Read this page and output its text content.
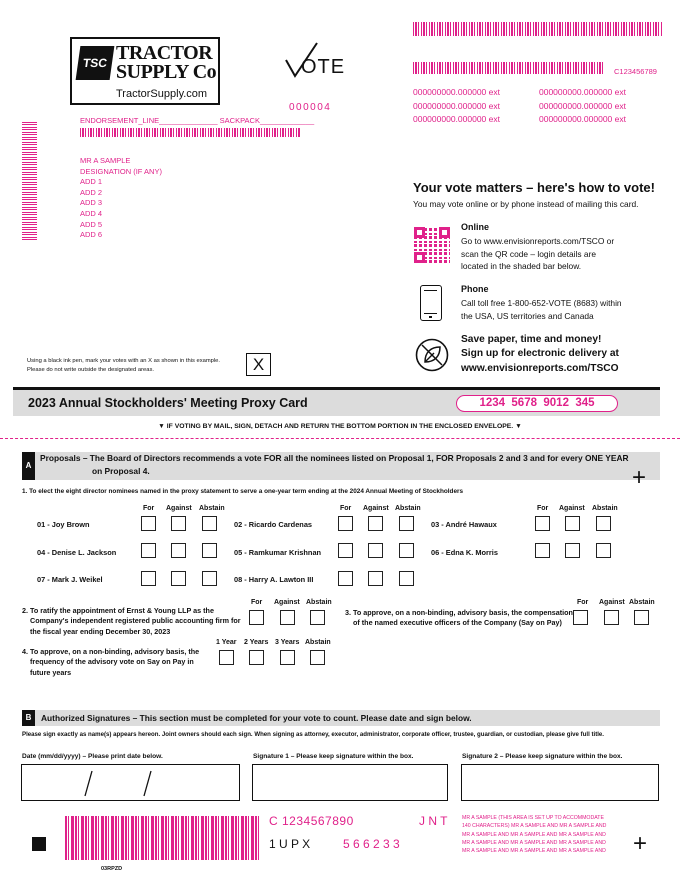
TSC TRACTOR
SUPPLY Co
TractorSupply.com
OTE
000004
ENDORSEMENT_LINE______________ SACKPACK_____________
MR A SAMPLE
DESIGNATION (IF ANY)
ADD 1
ADD 2
ADD 3
ADD 4
ADD 5
ADD 6
C123456789
000000000.000000 ext	000000000.000000 ext
000000000.000000 ext	000000000.000000 ext
000000000.000000 ext	000000000.000000 ext
Your vote matters – here's how to vote!
You may vote online or by phone instead of mailing this card.
Online
Go to www.envisionreports.com/TSCO or
scan the QR code – login details are
located in the shaded bar below.
Phone
Call toll free 1-800-652-VOTE (8683) within
the USA, US territories and Canada
Save paper, time and money!
Sign up for electronic delivery at
www.envisionreports.com/TSCO
Using a black ink pen, mark your votes with an X as shown in this example.
Please do not write outside the designated areas.	X
2023 Annual Stockholders' Meeting Proxy Card	1234  5678  9012  345
▼ IF VOTING BY MAIL, SIGN, DETACH AND RETURN THE BOTTOM PORTION IN THE ENCLOSED ENVELOPE. ▼
A
Proposals – The Board of Directors recommends a vote FOR all the nominees listed on Proposal 1, FOR Proposals 2 and 3 and for every ONE YEAR
on Proposal 4.	+
1. To elect the eight director nominees named in the proxy statement to serve a one-year term ending at the 2024 Annual Meeting of Stockholders
For Against Abstain	For Against Abstain	For Against Abstain
01 - Joy Brown	02 - Ricardo Cardenas	03 - André Hawaux
04 - Denise L. Jackson	05 - Ramkumar Krishnan	06 - Edna K. Morris
07 - Mark J. Weikel	08 - Harry A. Lawton III
2. To ratify the appointment of Ernst & Young LLP as the
Company's independent registered public accounting firm for
the fiscal year ending December 30, 2023
For Against Abstain
3. To approve, on a non-binding, advisory basis, the compensation
of the named executive officers of the Company (Say on Pay)
For Against Abstain
4. To approve, on a non-binding, advisory basis, the
frequency of the advisory vote on Say on Pay in
future years
1 Year 2 Years 3 Years Abstain
B	Authorized Signatures – This section must be completed for your vote to count. Please date and sign below.
Please sign exactly as name(s) appears hereon. Joint owners should each sign. When signing as attorney, executor, administrator, corporate officer, trustee, guardian, or custodian, please give full title.
Date (mm/dd/yyyy) – Please print date below.	Signature 1 – Please keep signature within the box.	Signature 2 – Please keep signature within the box.
C 1234567890	J N T
1 U P X	5 6 6 2 3 3
MR A SAMPLE (THIS AREA IS SET UP TO ACCOMMODATE
140 CHARACTERS) MR A SAMPLE AND MR A SAMPLE AND
MR A SAMPLE AND MR A SAMPLE AND MR A SAMPLE AND
MR A SAMPLE AND MR A SAMPLE AND MR A SAMPLE AND
MR A SAMPLE AND MR A SAMPLE AND MR A SAMPLE AND +
03RPZD
